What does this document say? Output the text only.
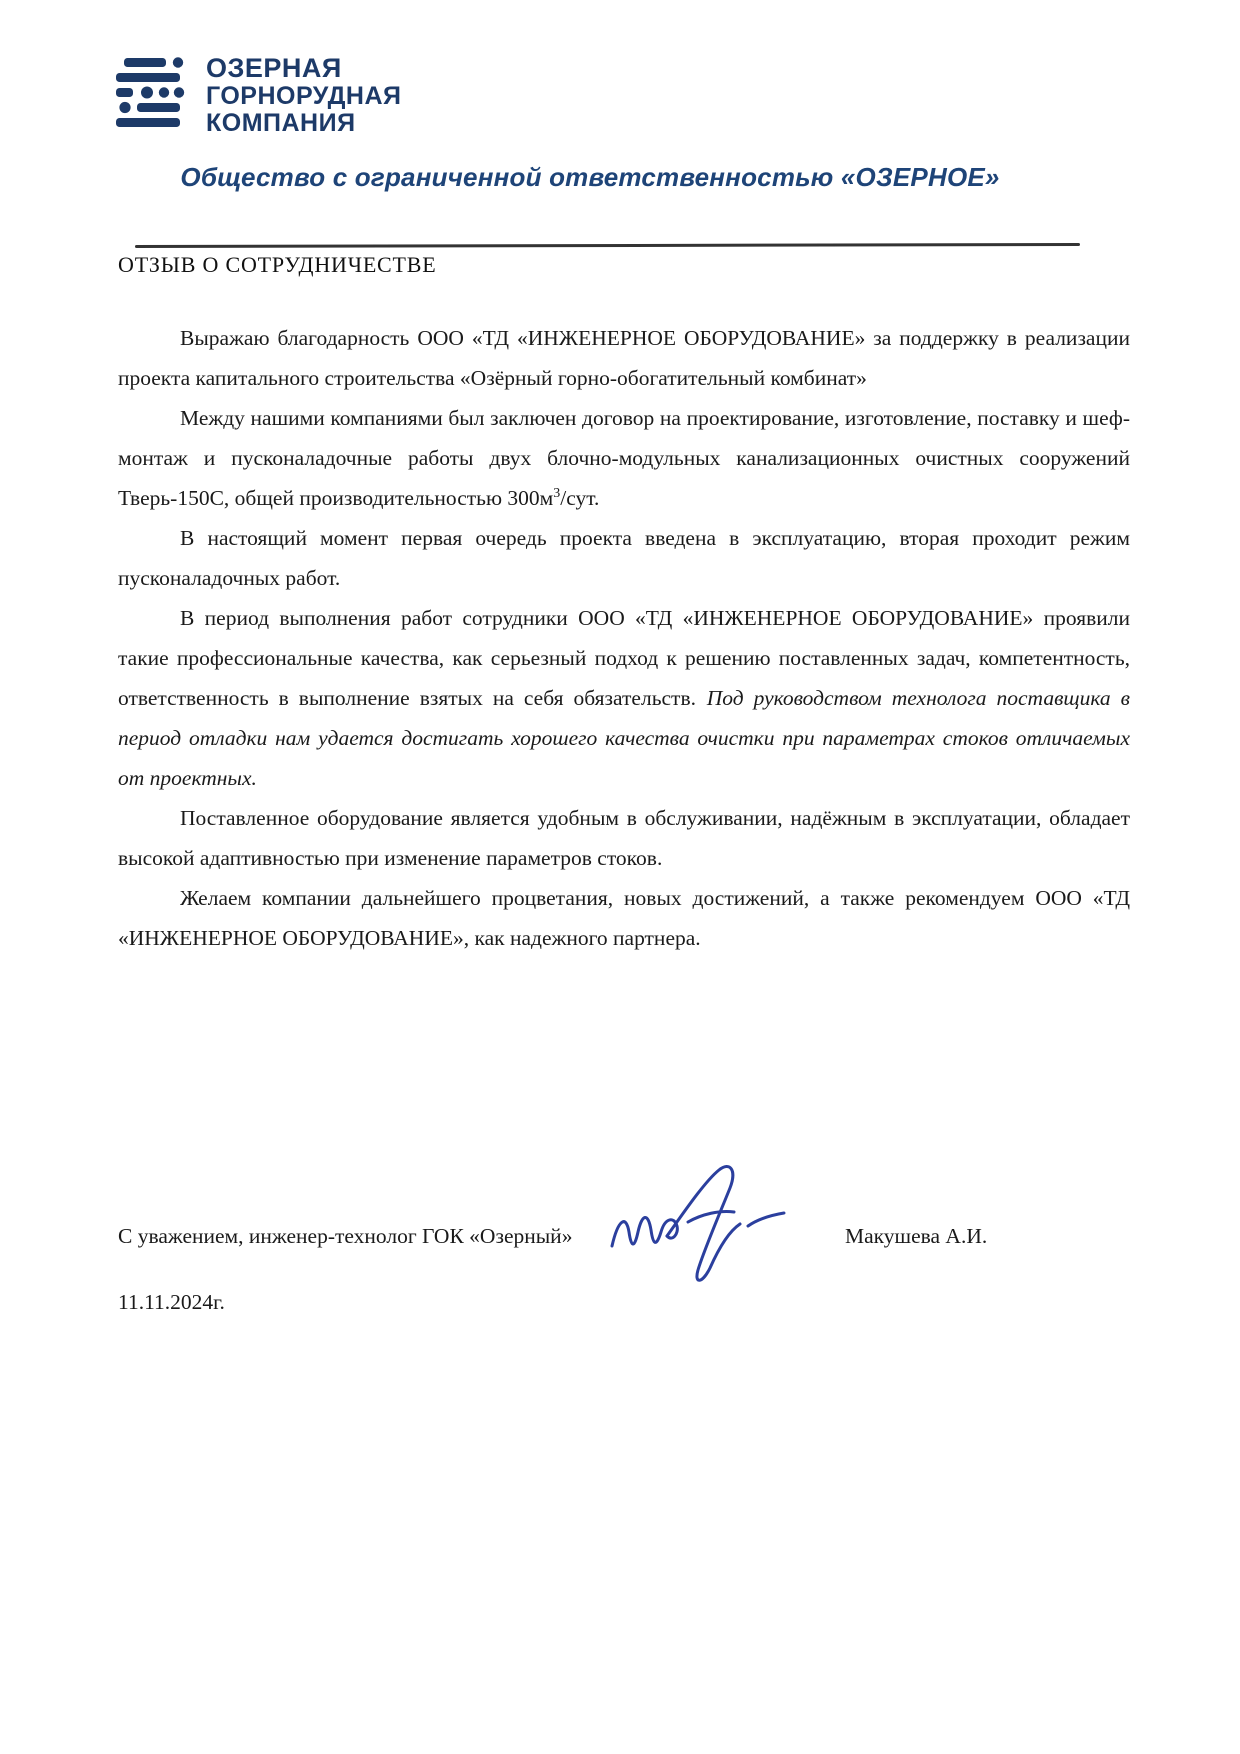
ОЗЕРНАЯ
ГОРНОРУДНАЯ
КОМПАНИЯ
Общество с ограниченной ответственностью «ОЗЕРНОЕ»
ОТЗЫВ О СОТРУДНИЧЕСТВЕ

Выражаю благодарность ООО «ТД «ИНЖЕНЕРНОЕ ОБОРУДОВАНИЕ» за поддержку в реализации проекта капитального строительства «Озёрный горно-обогатительный комбинат»

Между нашими компаниями был заключен договор на проектирование, изготовление, поставку и шеф-монтаж и пусконаладочные работы двух блочно-модульных канализационных очистных сооружений Тверь-150С, общей производительностью $300м^3$/сут.

В настоящий момент первая очередь проекта введена в эксплуатацию, вторая проходит режим пусконаладочных работ.

В период выполнения работ сотрудники ООО «ТД «ИНЖЕНЕРНОЕ ОБОРУДОВАНИЕ» проявили такие профессиональные качества, как серьезный подход к решению поставленных задач, компетентность, ответственность в выполнение взятых на себя обязательств. Под руководством технолога поставщика в период отладки нам удается достигать хорошего качества очистки при параметрах стоков отличаемых от проектных.

Поставленное оборудование является удобным в обслуживании, надёжным в эксплуатации, обладает высокой адаптивностью при изменение параметров стоков.

Желаем компании дальнейшего процветания, новых достижений, а также рекомендуем ООО «ТД «ИНЖЕНЕРНОЕ ОБОРУДОВАНИЕ», как надежного партнера.

С уважением, инженер-технолог ГОК «Озерный»	Макушева А.И.
11.11.2024г.
